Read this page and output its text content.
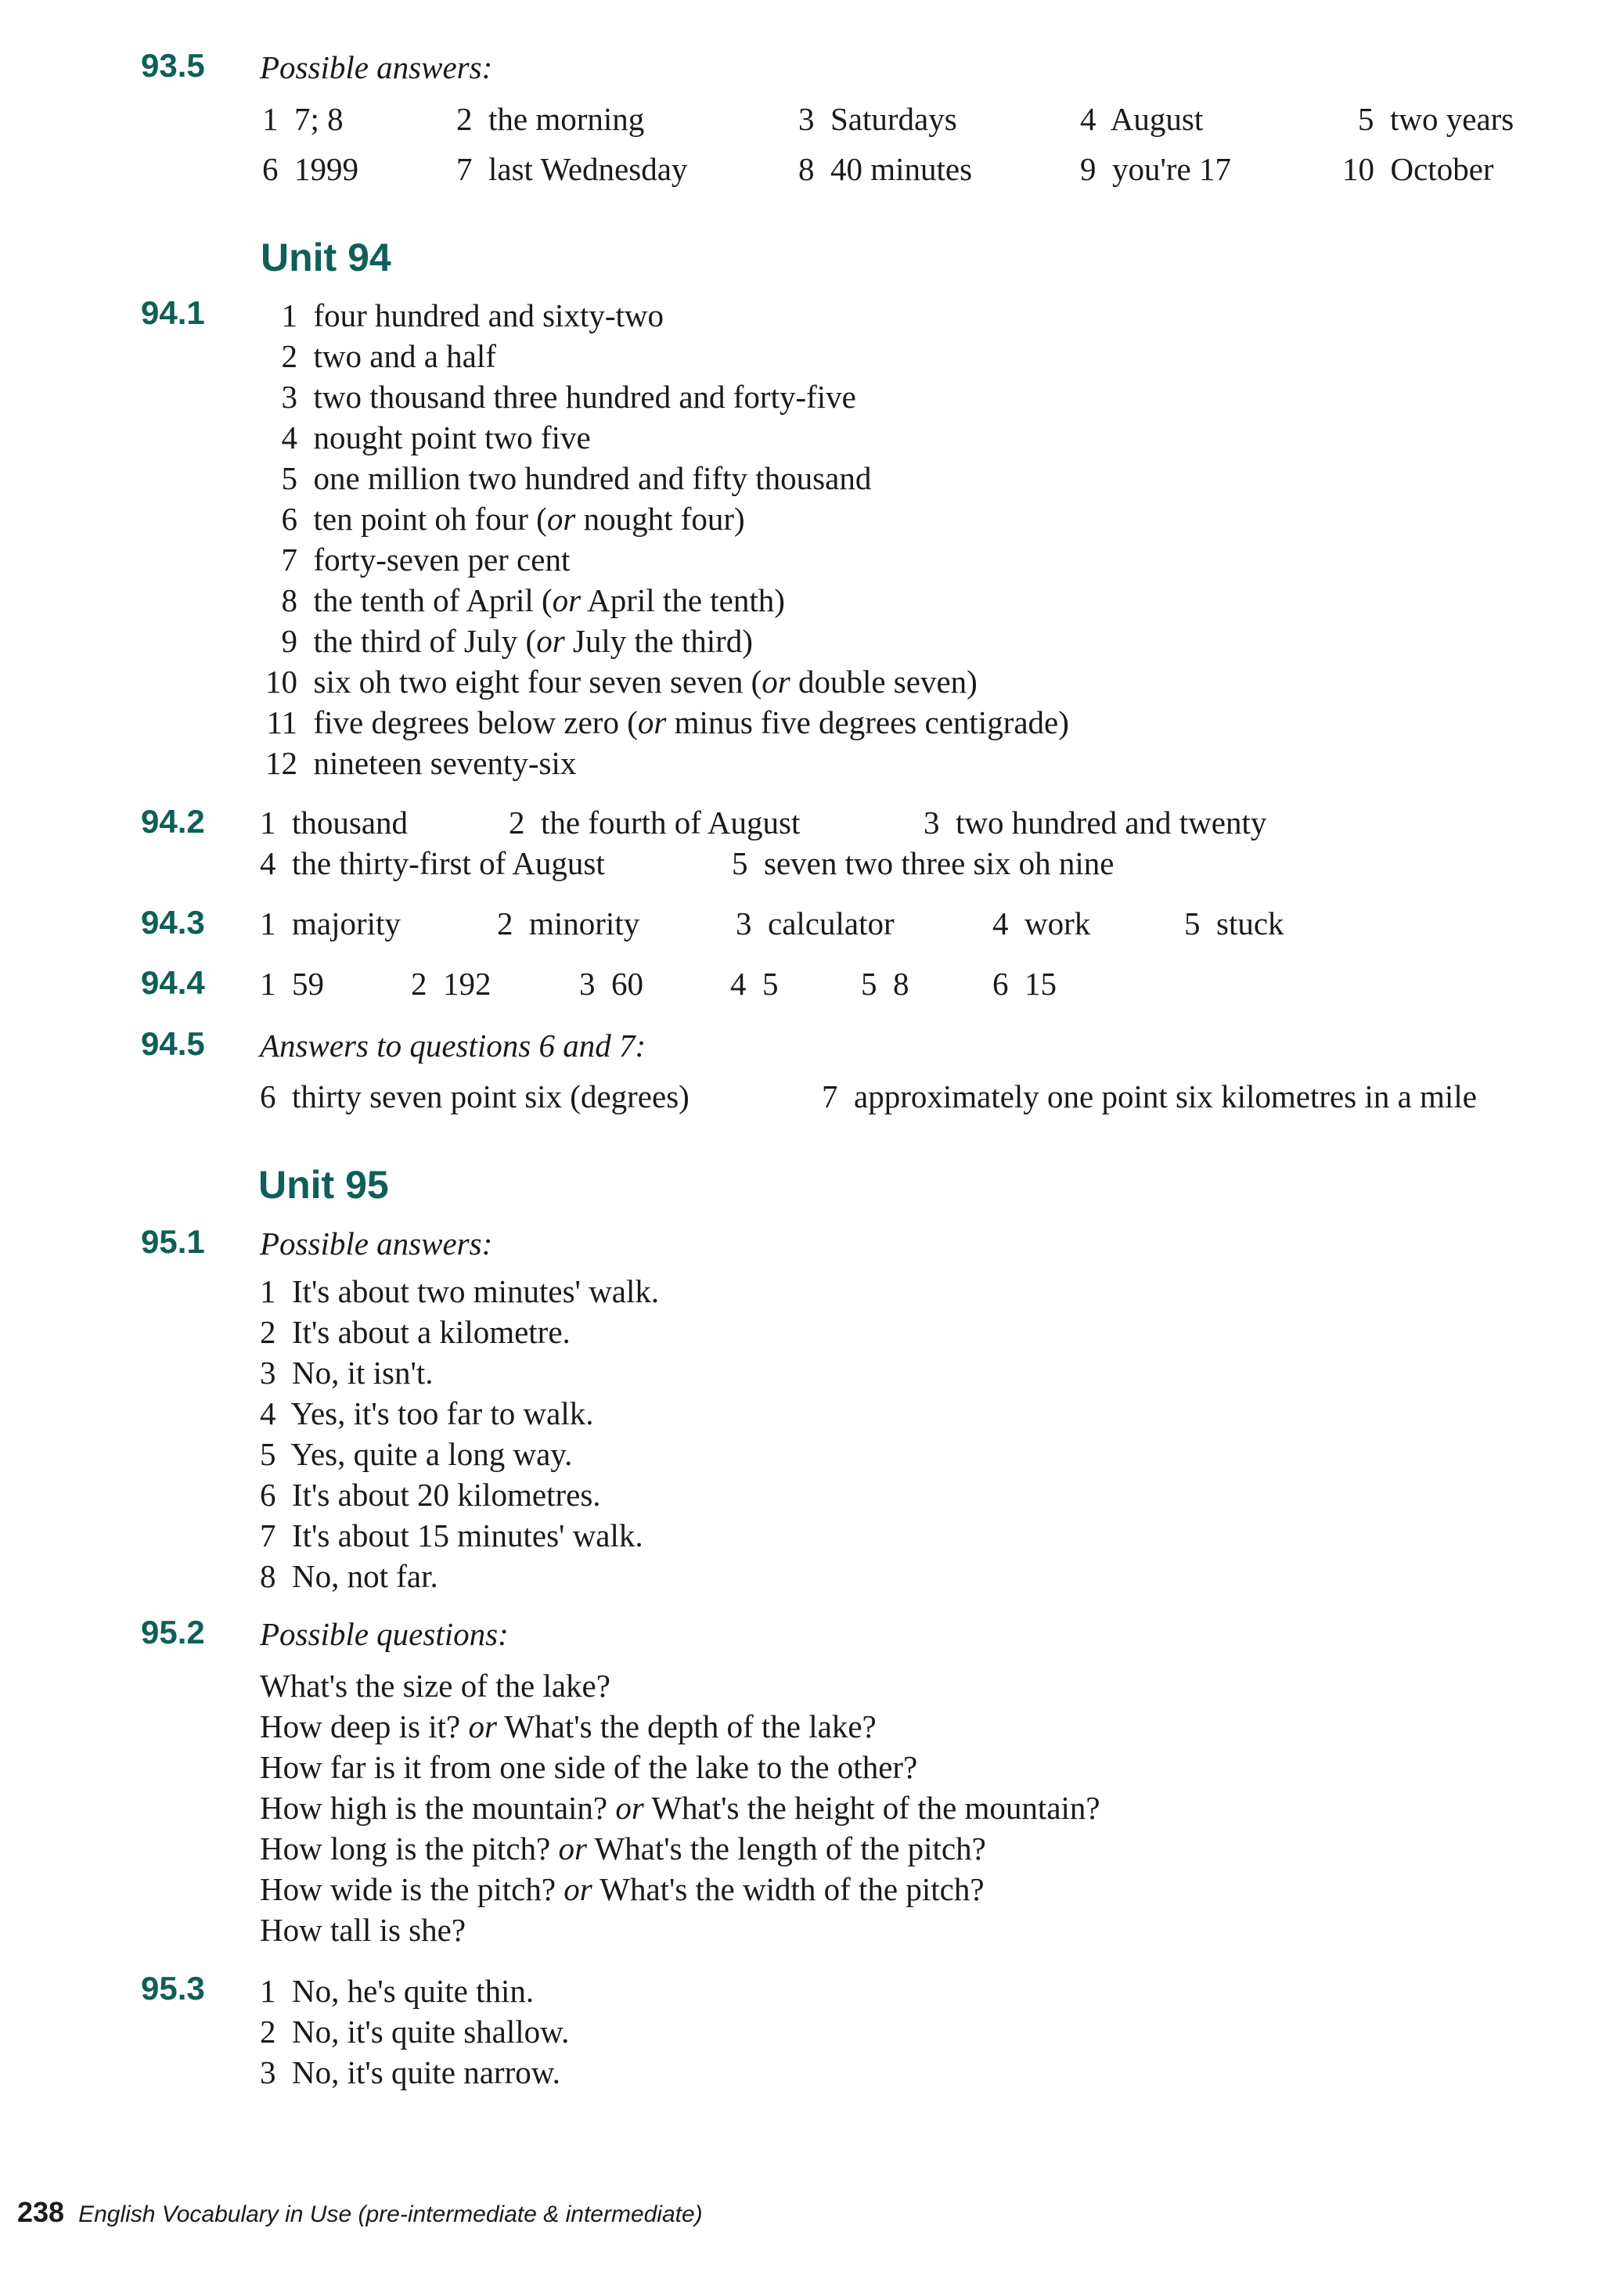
93.5 Possible answers:
1 7; 8	2 the morning	3 Saturdays	4 August	5 two years
6 1999	7 last Wednesday	8 40 minutes	9 you're 17	10 October
Unit 94
94.1	1 four hundred and sixty-two
2 two and a half
3 two thousand three hundred and forty-five
4 nought point two five
5 one million two hundred and fifty thousand
6 ten point oh four (or nought four)
7 forty-seven per cent
8 the tenth of April (or April the tenth)
9 the third of July (or July the third)
10 six oh two eight four seven seven (or double seven)
11 five degrees below zero (or minus five degrees centigrade)
12 nineteen seventy-six
94.2 1 thousand	2 the fourth of August	3 two hundred and twenty
4 the thirty-first of August	5 seven two three six oh nine
94.3 1 majority	2 minority	3 calculator	4 work	5 stuck
94.4 1 59	2 192	3 60	4 5	5 8	6 15
94.5 Answers to questions 6 and 7:
6 thirty seven point six (degrees)	7 approximately one point six kilometres in a mile
Unit 95
95.1 Possible answers:
1 It's about two minutes' walk.
2 It's about a kilometre.
3 No, it isn't.
4 Yes, it's too far to walk.
5 Yes, quite a long way.
6 It's about 20 kilometres.
7 It's about 15 minutes' walk.
8 No, not far.
95.2 Possible questions:
What's the size of the lake?
How deep is it? or What's the depth of the lake?
How far is it from one side of the lake to the other?
How high is the mountain? or What's the height of the mountain?
How long is the pitch? or What's the length of the pitch?
How wide is the pitch? or What's the width of the pitch?
How tall is she?
95.3 1 No, he's quite thin.
2 No, it's quite shallow.
3 No, it's quite narrow.
238 English Vocabulary in Use (pre-intermediate & intermediate)
